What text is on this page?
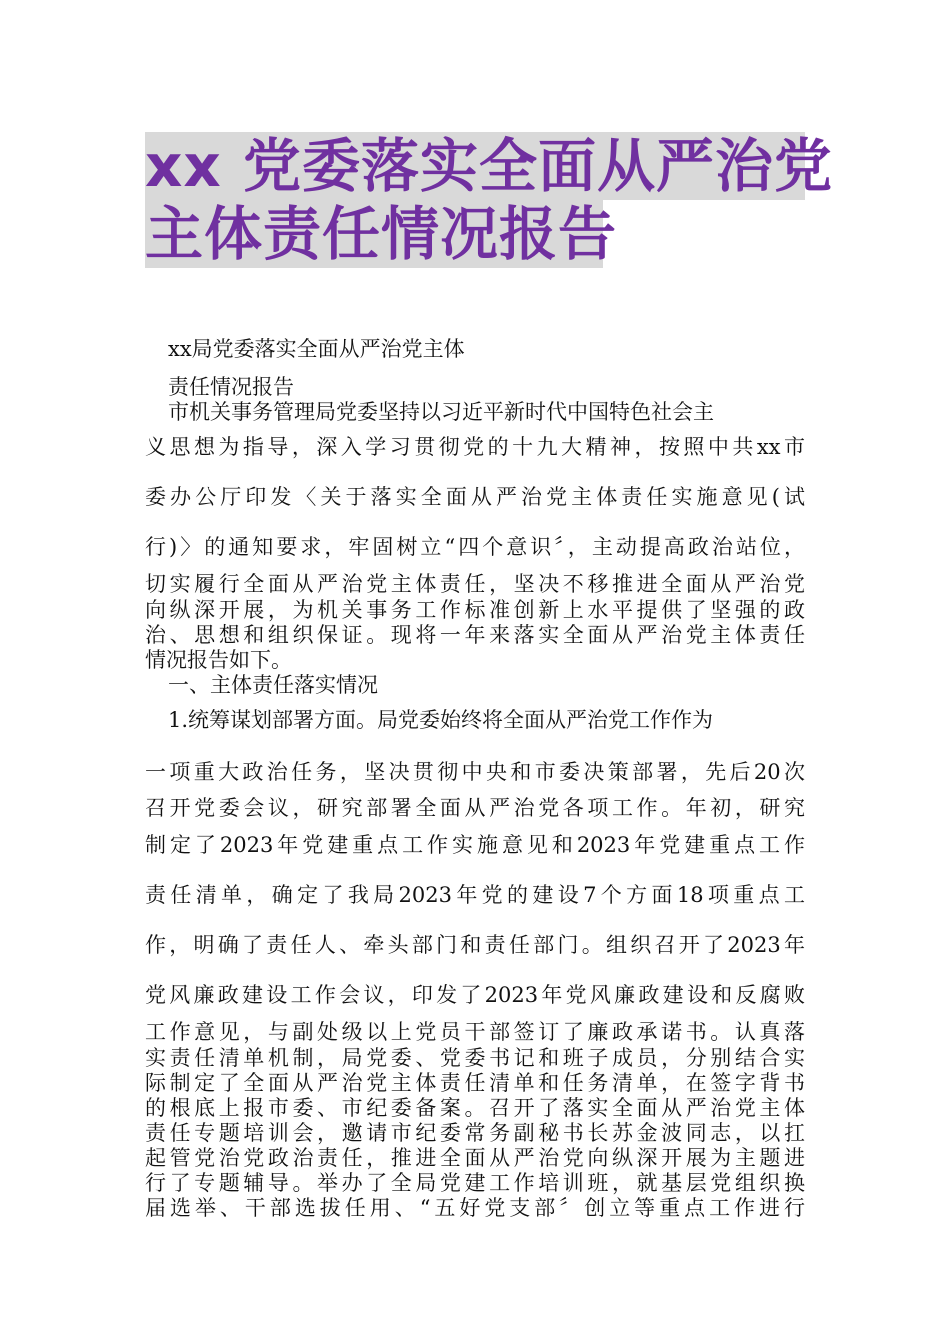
xx 党委落实全面从严治党
主体责任情况报告
xx局党委落实全面从严治党主体
责任情况报告
市机关事务管理局党委坚持以习近平新时代中国特色社会主
义思想为指导，深入学习贯彻党的十九大精神，按照中共xx市
委办公厅印发〈关于落实全面从严治党主体责任实施意见(试
行)〉的通知要求，牢固树立“四个意识〞，主动提高政治站位，
切实履行全面从严治党主体责任，坚决不移推进全面从严治党
向纵深开展，为机关事务工作标准创新上水平提供了坚强的政
治、思想和组织保证。现将一年来落实全面从严治党主体责任
情况报告如下。
一、主体责任落实情况
1.统筹谋划部署方面。局党委始终将全面从严治党工作作为
一项重大政治任务，坚决贯彻中央和市委决策部署，先后20次
召开党委会议，研究部署全面从严治党各项工作。年初，研究
制定了2023年党建重点工作实施意见和2023年党建重点工作
责任清单，确定了我局2023年党的建设7个方面18项重点工
作，明确了责任人、牵头部门和责任部门。组织召开了2023年
党风廉政建设工作会议，印发了2023年党风廉政建设和反腐败
工作意见，与副处级以上党员干部签订了廉政承诺书。认真落
实责任清单机制，局党委、党委书记和班子成员，分别结合实
际制定了全面从严治党主体责任清单和任务清单，在签字背书
的根底上报市委、市纪委备案。召开了落实全面从严治党主体
责任专题培训会，邀请市纪委常务副秘书长苏金波同志，以扛
起管党治党政治责任，推进全面从严治党向纵深开展为主题进
行了专题辅导。举办了全局党建工作培训班，就基层党组织换
届选举、干部选拔任用、“五好党支部〞创立等重点工作进行
